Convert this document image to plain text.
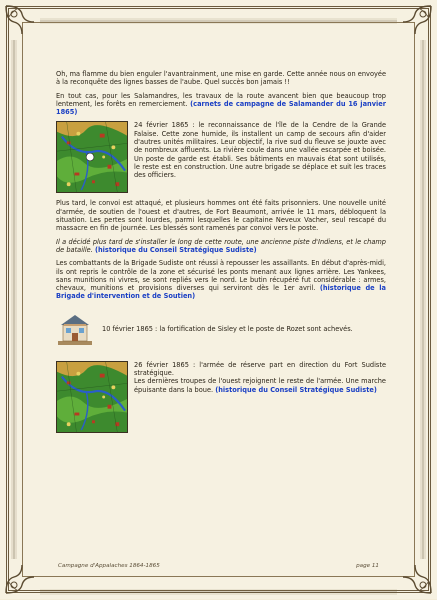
Oh, ma flamme du bien enguler l'avantrainment, une mise en garde. Cette année nous on envoyée à la reconquête des lignes basses de l'aube. Quel succès bon jamais !!

En tout cas, pour les Salamandres, les travaux de la route avancent bien que beaucoup trop lentement, les forêts en remerciement. (carnets de campagne de Salamander du 16 janvier 1865)

24 février 1865 : le reconnaissance de l'île de la Cendre de la Grande Falaise. Cette zone humide, ils installent un camp de secours afin d'aider d'autres unités militaires. Leur objectif, la rive sud du fleuve se jouxte avec de nombreux affluents. La rivière coule dans une vallée escarpée et boisée. Un poste de garde est établi. Ses bâtiments en mauvais état sont utilisés, le reste est en construction. Une autre brigade se déplace et suit les traces des officiers.

Plus tard, le convoi est attaqué, et plusieurs hommes ont été faits prisonniers. Une nouvelle unité d'armée, de soutien de l'ouest et d'autres, de Fort Beaumont, arrivée le 11 mars, débloquent la situation. Les pertes sont lourdes, parmi lesquelles le capitaine Neveux Vacher, seul rescapé du massacre en fin de journée. Les blessés sont ramenés par convoi vers le poste.

Il a décidé plus tard de s'installer le long de cette route, une ancienne piste d'Indiens, et le champ de bataille. (historique du Conseil Stratégique Sudiste)

Les combattants de la Brigade Sudiste ont réussi à repousser les assaillants. En début d'après-midi, ils ont repris le contrôle de la zone et sécurisé les ponts menant aux lignes arrière. Les Yankees, sans munitions ni vivres, se sont repliés vers le nord. Le butin récupéré fut considérable : armes, chevaux, munitions et provisions diverses qui serviront dès le 1er avril. (historique de la Brigade d'intervention et de Soutien)

10 février 1865 : la fortification de Sisley et le poste de Rozet sont achevés.
26 février 1865 : l'armée de réserve part en direction du Fort Sudiste stratégique.
Les dernières troupes de l'ouest rejoignent le reste de l'armée. Une marche épuisante dans la boue. (historique du Conseil Stratégique Sudiste)
Campagne d'Appalaches 1864-1865	page 11
